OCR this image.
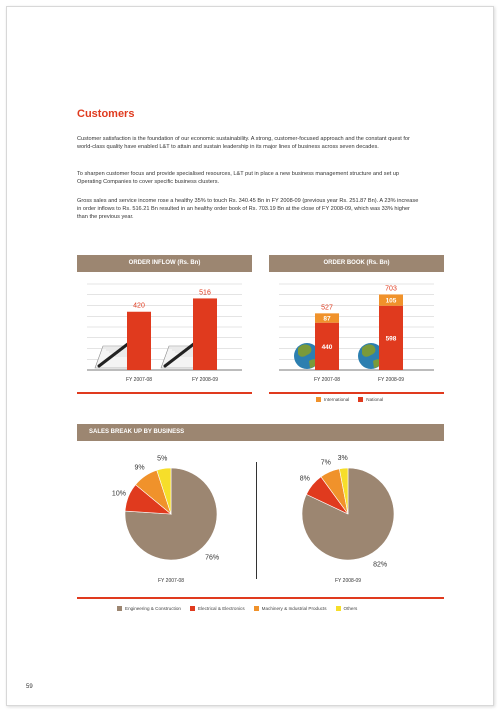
Customers

Customer satisfaction is the foundation of our economic sustainability. A strong, customer-focused approach and the constant quest for world-class quality have enabled L&T to attain and sustain leadership in its major lines of business across seven decades.

To sharpen customer focus and provide specialised resources, L&T put in place a new business management structure and set up Operating Companies to cover specific business clusters.

Gross sales and service income rose a healthy 35% to touch Rs. 340.45 Bn in FY 2008-09 (previous year Rs. 251.87 Bn). A 23% increase in order inflows to Rs. 516.21 Bn resulted in an healthy order book of Rs. 703.19 Bn at the close of FY 2008-09, which was 33% higher than the previous year.

ORDER INFLOW (Rs. Bn)
420
FY 2007-08
516
FY 2008-09
ORDER BOOK (Rs. Bn)
440
87
527
FY 2007-08
598
105
703
FY 2008-09
International	National
SALES BREAK UP BY BUSINESS
76%
10%
9%
5%
FY 2007-08
82%
8%
7%
3%
FY 2008-09
Engineering & Construction	Electrical & Electronics	Machinery & Industrial Products	Others
59
